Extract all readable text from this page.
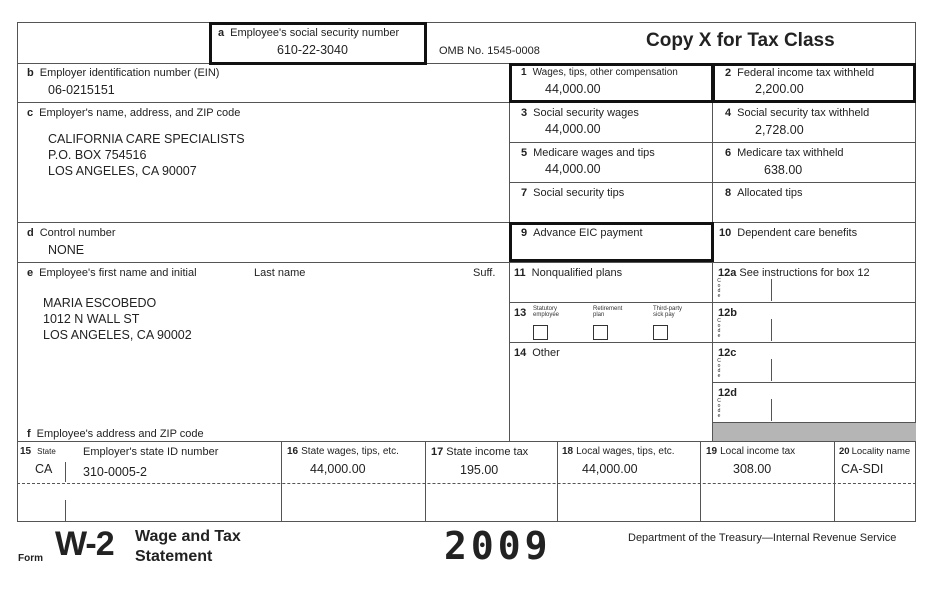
a Employee's social security number
610-22-3040	OMB No. 1545-0008	Copy X for Tax Class
b Employer identification number (EIN)
06-0215151
c Employer's name, address, and ZIP code
CALIFORNIA CARE SPECIALISTS
P.O. BOX 754516
LOS ANGELES, CA 90007
d Control number
NONE
e Employee's first name and initial	Last name	Suff.
MARIA ESCOBEDO
1012 N WALL ST
LOS ANGELES, CA 90002
f Employee's address and ZIP code
1 Wages, tips, other compensation
44,000.00
2 Federal income tax withheld
2,200.00
3 Social security wages
44,000.00
4 Social security tax withheld
2,728.00
5 Medicare wages and tips
44,000.00
6 Medicare tax withheld
638.00
7 Social security tips	8 Allocated tips
9 Advance EIC payment	10 Dependent care benefits
11 Nonqualified plans	12a See instructions for box 12
13 Statutory employee
Retirement plan
Third-party sick pay	12b
14 Other	12c
12d
C
o
d
e
C
o
d
e
C
o
d
e
C
o
d
e
15 State Employer's state ID number
CA 310-0005-2
16 State wages, tips, etc.
44,000.00
17 State income tax
195.00
18 Local wages, tips, etc.
44,000.00
19 Local income tax
308.00
20 Locality name
CA-SDI
Form W-2 Wage and Tax
Statement	2009	Department of the Treasury—Internal Revenue Service
